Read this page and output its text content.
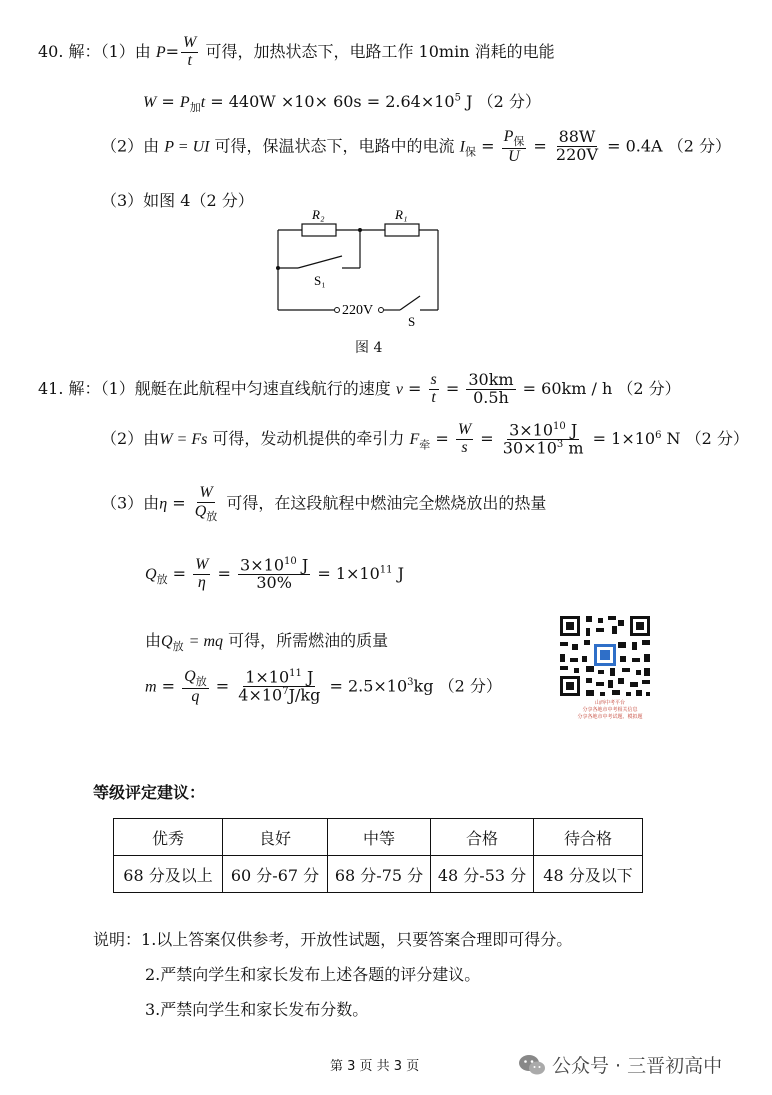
40. 解：（1）由 $P= \frac{W}{t}$ 可得，加热状态下，电路工作 10min 消耗的电能
$W = P_加t = 440W \times 10\times 60s = 2.64\times 10^5$ J （2 分）
（2）由 P = UI 可得，保温状态下，电路中的电流 $I_保 = \frac{P_保}{U} = \frac{88W}{220V} = 0.4A$ （2 分）
（3）如图 4（2 分）
R₂	R₁
S₁
220V
S
图 4
41. 解：（1）舰艇在此航程中匀速直线航行的速度 $v = \frac{s}{t} = \frac{30km}{0.5h} = 60km / h$ （2 分）
（2）由W = Fs 可得，发动机提供的牵引力 $F_牵 = \frac{W}{s} = \frac{3\times 10^{10} J}{30\times 10^3 m} = 1\times 10^6$ N （2 分）
（3）由$\eta = \frac{W}{Q_放}$ 可得，在这段航程中燃油完全燃烧放出的热量
$Q_放 = \frac{W}{\eta} = \frac{3\times 10^{10} J}{30\%} = 1\times 10^{11}$ J
由$Q_放$ = mq 可得，所需燃油的质量
$m = \frac{Q_放}{q} = \frac{1\times 10^{11} J}{4\times 10^7J/kg} = 2.5\times 10^3kg$ （2 分）
山西中考平台
分享各地市中考相关信息
分享各地市中考试题、模拟题
等级评定建议：
优秀	良好	中等	合格	待合格
68 分及以上	60 分-67 分	68 分-75 分	48 分-53 分	48 分及以下
说明：1.以上答案仅供参考，开放性试题，只要答案合理即可得分。
2.严禁向学生和家长发布上述各题的评分建议。
3.严禁向学生和家长发布分数。
第 3 页 共 3 页	公众号 · 三晋初高中
